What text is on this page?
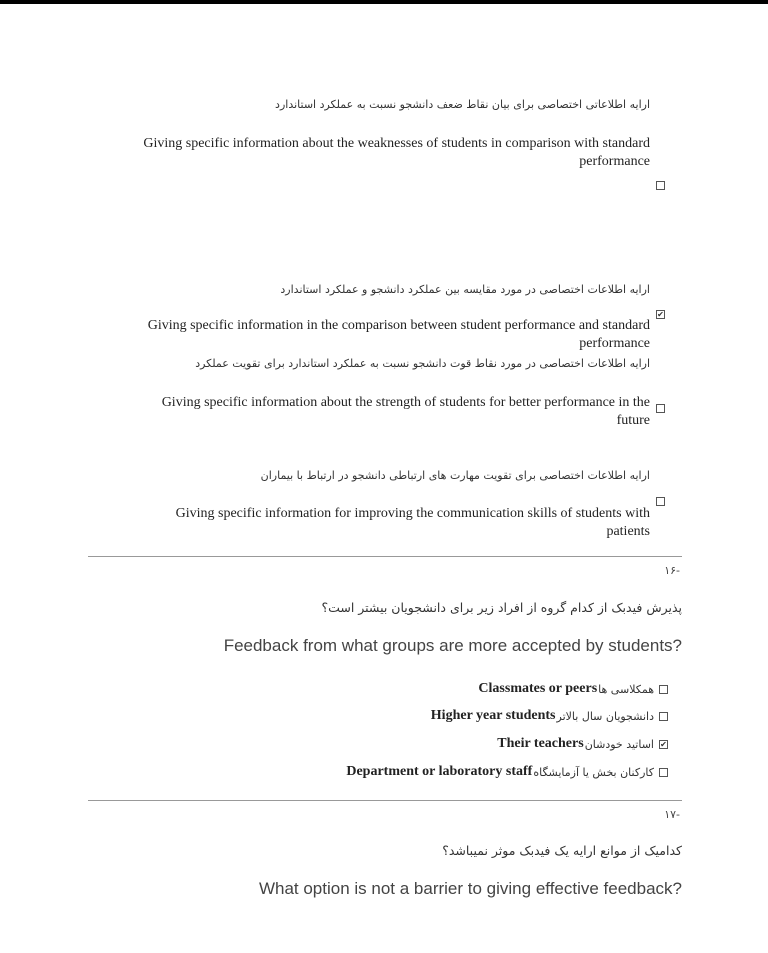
ارایه اطلاعاتی اختصاصی برای بیان نقاط ضعف دانشجو نسبت به عملکرد استاندارد
Giving specific information about the weaknesses of students in comparison with standard
performance
ارایه اطلاعات اختصاصی در مورد مقایسه بین عملکرد دانشجو و عملکرد استاندارد
✔
Giving specific information in the comparison between student performance and standard
performance
ارایه اطلاعات اختصاصی در مورد نقاط قوت دانشجو نسبت به عملکرد استاندارد برای تقویت عملکرد
Giving specific information about the strength of students for better performance in the
future
ارایه اطلاعات اختصاصی برای تقویت مهارت های ارتباطی دانشجو در ارتباط با بیماران
Giving specific information for improving the communication skills of students with
patients
-۱۶
پذیرش فیدبک از کدام گروه از افراد زیر برای دانشجویان بیشتر است؟
Feedback from what groups are more accepted by students?
Classmates or peers همکلاسی ها
Higher year students دانشجویان سال بالاتر
Their teachers اساتید خودشان ✔
Department or laboratory staff کارکنان بخش یا آزمایشگاه
-۱۷
کدامیک از موانع ارایه یک فیدبک موثر نمیباشد؟
What option is not a barrier to giving effective feedback?
